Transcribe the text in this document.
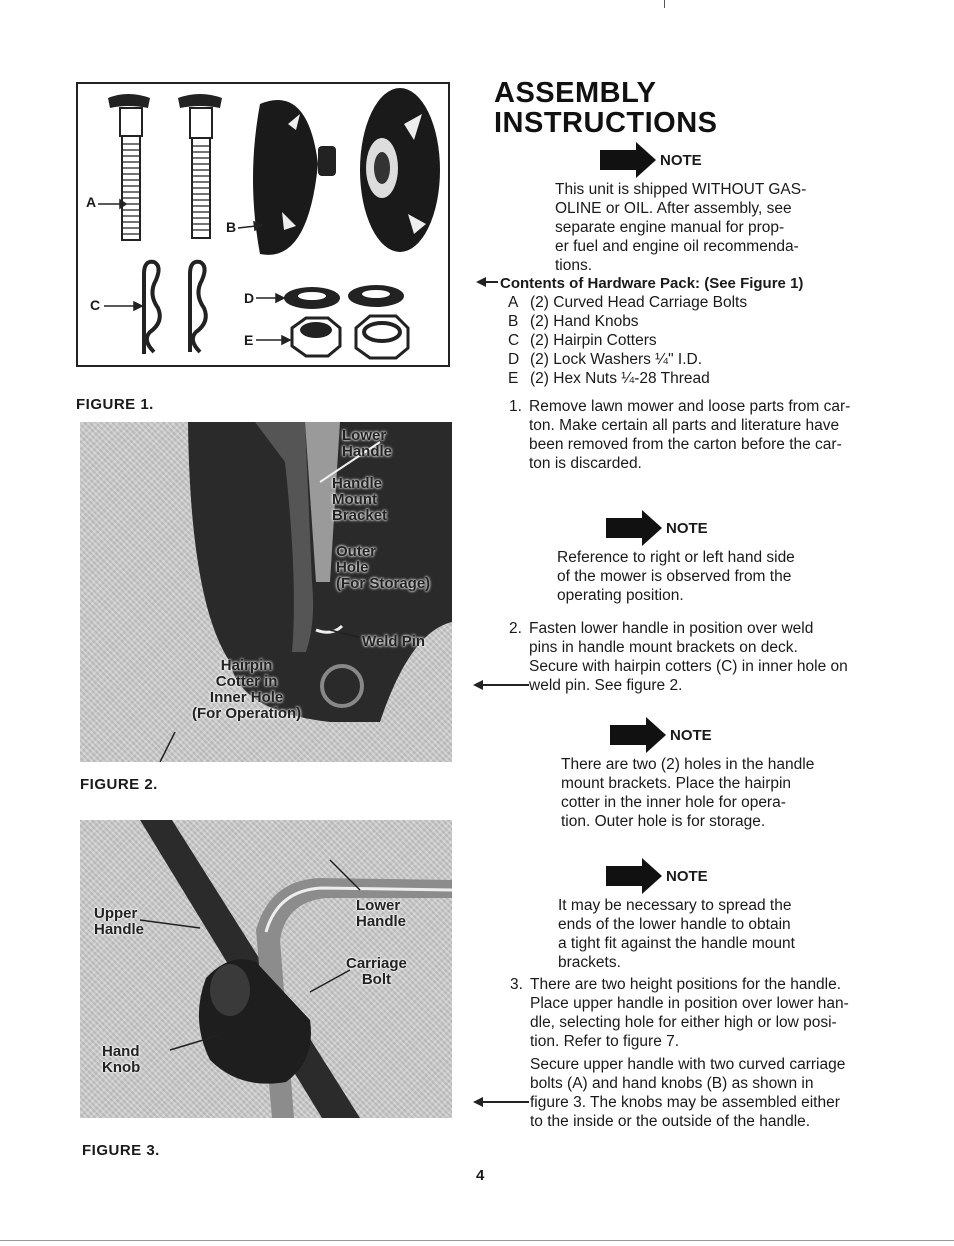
A
B
C	D
E
FIGURE 1.
Lower
Handle
Handle
Mount
Bracket
Outer
Hole
(For Storage)
Weld Pin
Hairpin
Cotter in
Inner Hole
(For Operation)
FIGURE 2.
Upper
Handle
Lower
Handle
Carriage
Bolt
Hand
Knob
FIGURE 3.
ASSEMBLY
INSTRUCTIONS
NOTE
This unit is shipped WITHOUT GAS-
OLINE or OIL. After assembly, see
separate engine manual for prop-
er fuel and engine oil recommenda-
tions.
Contents of Hardware Pack: (See Figure 1)
A (2) Curved Head Carriage Bolts
B (2) Hand Knobs
C (2) Hairpin Cotters
D (2) Lock Washers ¼" I.D.
E (2) Hex Nuts ¼-28 Thread
1. Remove lawn mower and loose parts from car-
ton. Make certain all parts and literature have
been removed from the carton before the car-
ton is discarded.
NOTE
Reference to right or left hand side
of the mower is observed from the
operating position.
2. Fasten lower handle in position over weld
pins in handle mount brackets on deck.
Secure with hairpin cotters (C) in inner hole on
weld pin. See figure 2.
NOTE
There are two (2) holes in the handle
mount brackets. Place the hairpin
cotter in the inner hole for opera-
tion. Outer hole is for storage.
NOTE
It may be necessary to spread the
ends of the lower handle to obtain
a tight fit against the handle mount
brackets.
3. There are two height positions for the handle.
Place upper handle in position over lower han-
dle, selecting hole for either high or low posi-
tion. Refer to figure 7.
Secure upper handle with two curved carriage
bolts (A) and hand knobs (B) as shown in
figure 3. The knobs may be assembled either
to the inside or the outside of the handle.
4
